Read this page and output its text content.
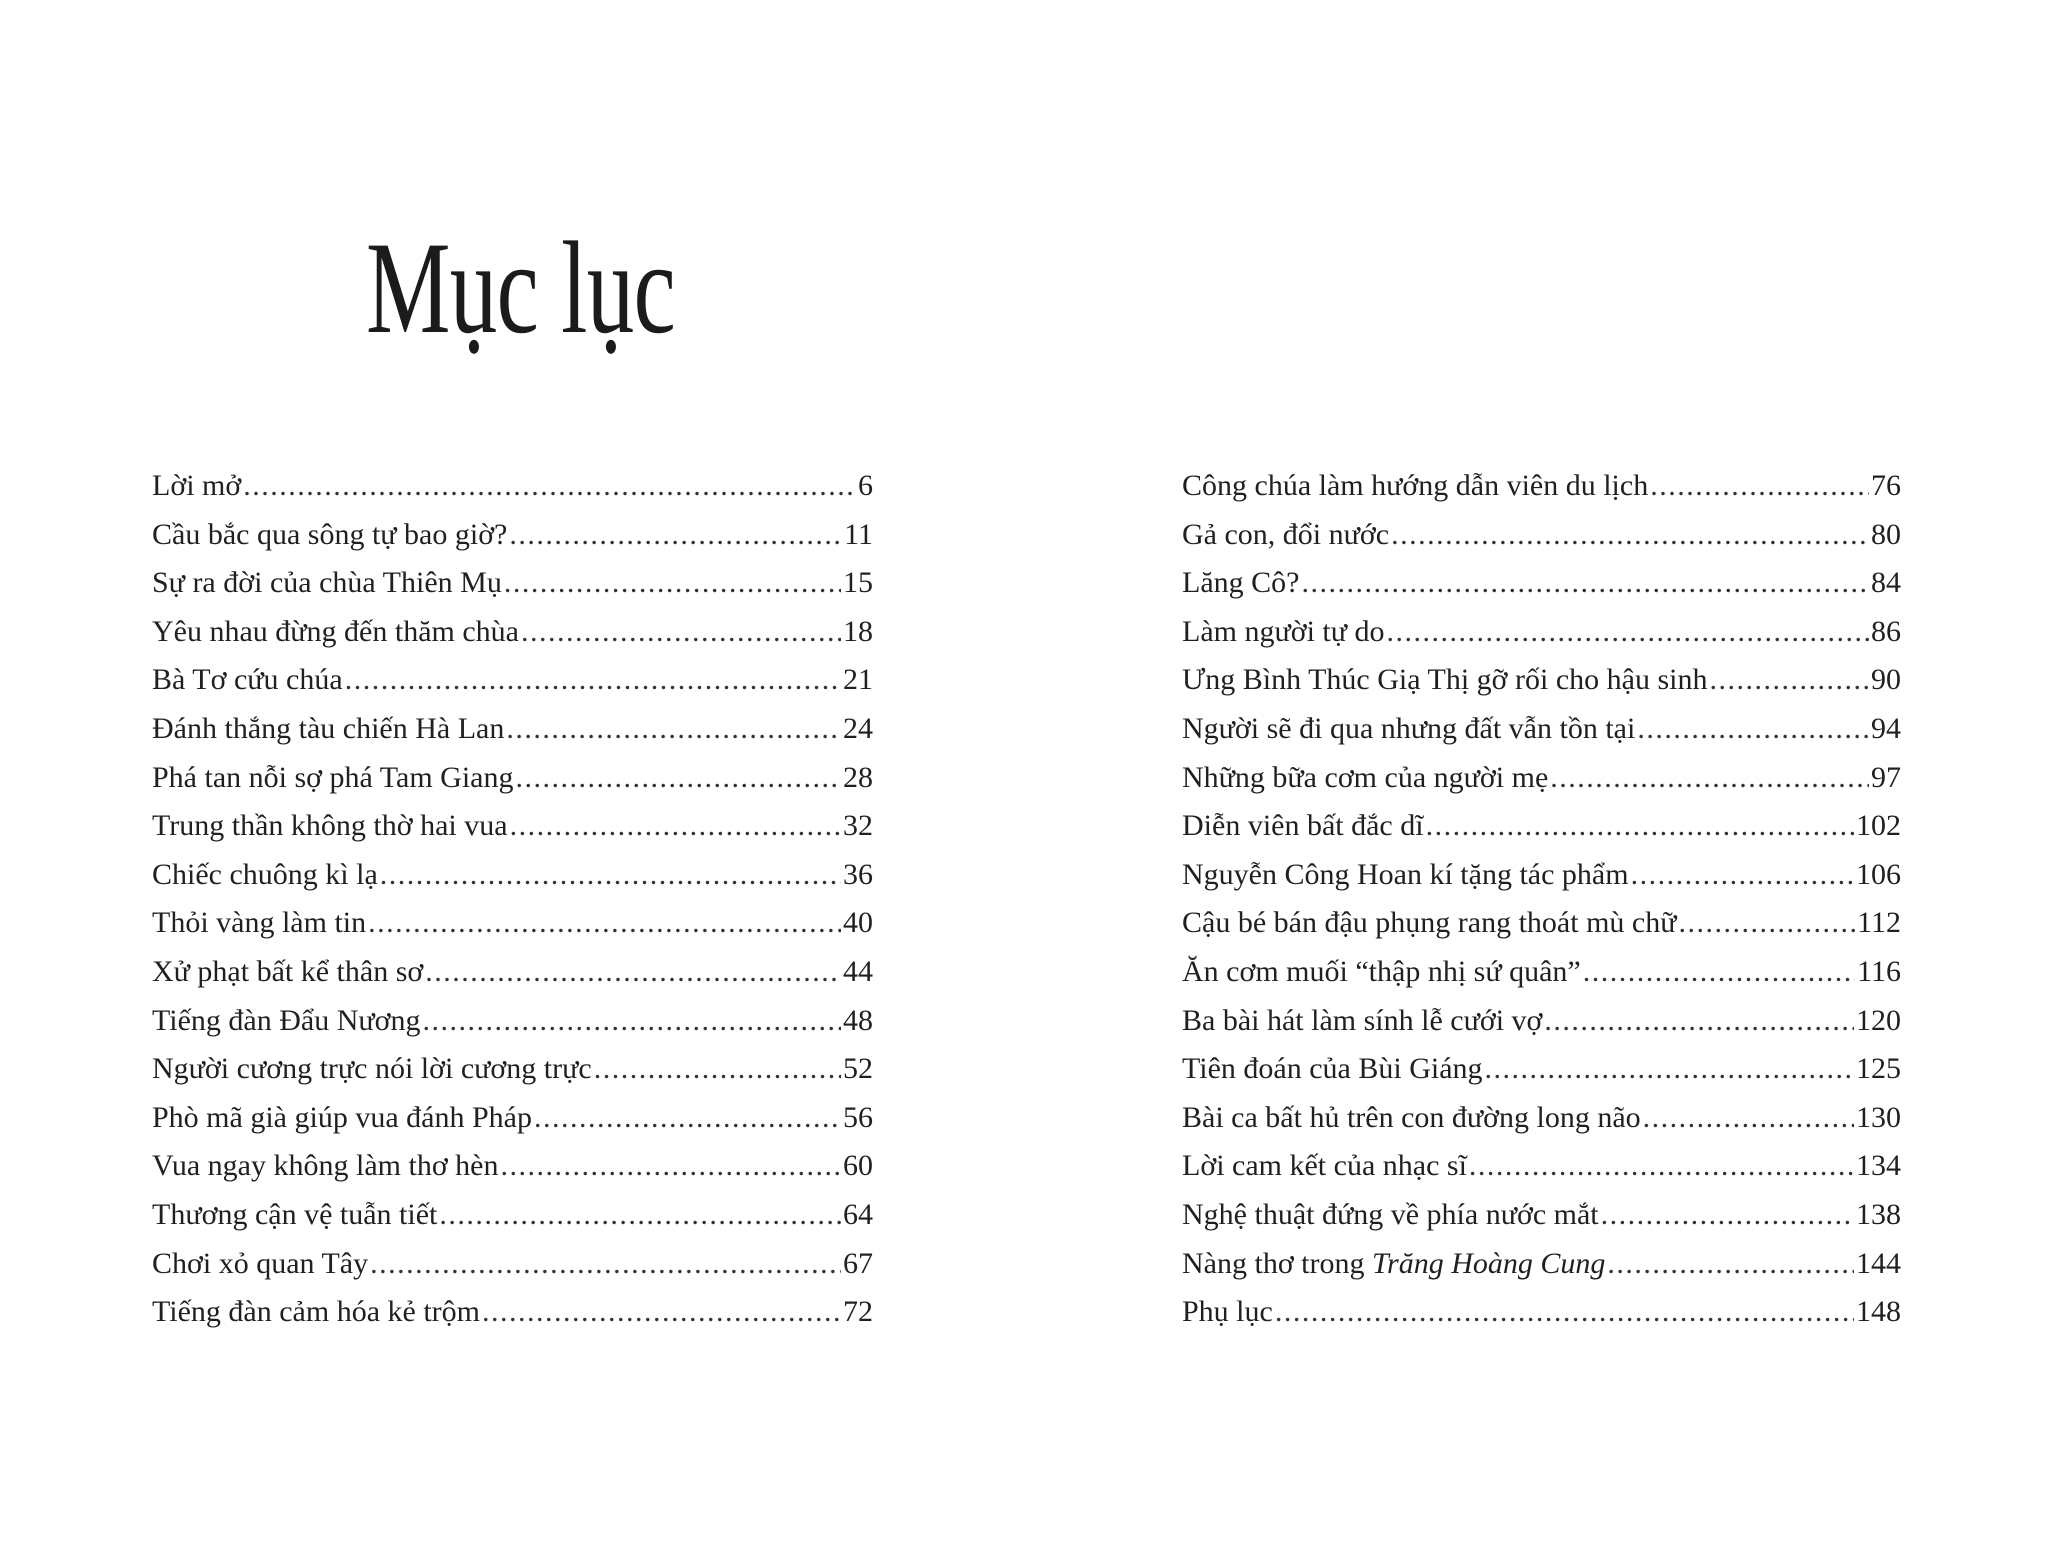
Mục lục
Lời mở .....	6
Cầu bắc qua sông tự bao giờ? .....	11
Sự ra đời của chùa Thiên Mụ .....	15
Yêu nhau đừng đến thăm chùa .....	18
Bà Tơ cứu chúa .....	21
Đánh thắng tàu chiến Hà Lan .....	24
Phá tan nỗi sợ phá Tam Giang .....	28
Trung thần không thờ hai vua .....	32
Chiếc chuông kì lạ .....	36
Thỏi vàng làm tin .....	40
Xử phạt bất kể thân sơ .....	44
Tiếng đàn Đẩu Nương .....	48
Người cương trực nói lời cương trực .....	52
Phò mã già giúp vua đánh Pháp .....	56
Vua ngay không làm thơ hèn .....	60
Thương cận vệ tuẫn tiết .....	64
Chơi xỏ quan Tây .....	67
Tiếng đàn cảm hóa kẻ trộm .....	72
Công chúa làm hướng dẫn viên du lịch .....	76
Gả con, đổi nước .....	80
Lăng Cô? .....	84
Làm người tự do .....	86
Ưng Bình Thúc Giạ Thị gỡ rối cho hậu sinh .....	90
Người sẽ đi qua nhưng đất vẫn tồn tại .....	94
Những bữa cơm của người mẹ .....	97
Diễn viên bất đắc dĩ .....	102
Nguyễn Công Hoan kí tặng tác phẩm .....	106
Cậu bé bán đậu phụng rang thoát mù chữ .....	112
Ăn cơm muối “thập nhị sứ quân” .....	116
Ba bài hát làm sính lễ cưới vợ .....	120
Tiên đoán của Bùi Giáng .....	125
Bài ca bất hủ trên con đường long não .....	130
Lời cam kết của nhạc sĩ .....	134
Nghệ thuật đứng về phía nước mắt .....	138
Nàng thơ trong Trăng Hoàng Cung .....	144
Phụ lục .....	148
